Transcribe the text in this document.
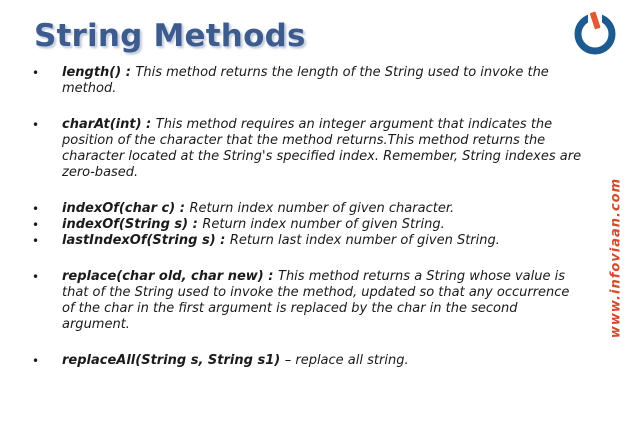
String Methods
www.infoviaan.com
• length() : This method returns the length of the String used to invoke the method.
• charAt(int) : This method requires an integer argument that indicates the position of the character that the method returns.This method returns the character located at the String's specified index. Remember, String indexes are zero-based.
• indexOf(char c) : Return index number of given character.
• indexOf(String s) : Return index number of given String.
• lastIndexOf(String s) : Return last index number of given String.
• replace(char old, char new) : This method returns a String whose value is that of the String used to invoke the method, updated so that any occurrence of the char in the first argument is replaced by the char in the second argument.
• replaceAll(String s, String s1) – replace all string.
